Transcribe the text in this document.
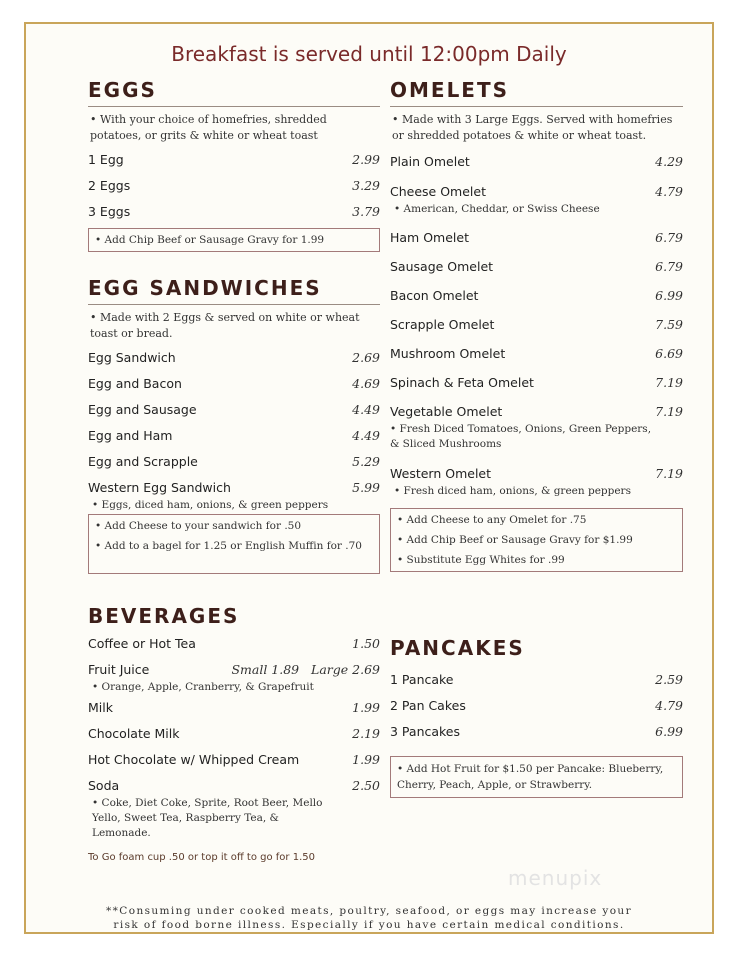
Breakfast is served until 12:00pm Daily
EGGS
• With your choice of homefries, shredded potatoes, or grits & white or wheat toast
1 Egg	2.99
2 Eggs	3.29
3 Eggs	3.79
• Add Chip Beef or Sausage Gravy for 1.99
EGG SANDWICHES
• Made with 2 Eggs & served on white or wheat toast or bread.
Egg Sandwich	2.69
Egg and Bacon	4.69
Egg and Sausage	4.49
Egg and Ham	4.49
Egg and Scrapple	5.29
Western Egg Sandwich	5.99
• Eggs, diced ham, onions, & green peppers
• Add Cheese to your sandwich for .50
• Add to a bagel for 1.25 or English Muffin for .70
BEVERAGES
Coffee or Hot Tea	1.50
Fruit Juice	Small 1.89   Large 2.69
• Orange, Apple, Cranberry, & Grapefruit
Milk	1.99
Chocolate Milk	2.19
Hot Chocolate w/ Whipped Cream	1.99
Soda	2.50
• Coke, Diet Coke, Sprite, Root Beer, Mello Yello, Sweet Tea, Raspberry Tea, & Lemonade.
To Go foam cup .50 or top it off to go for 1.50
OMELETS
• Made with 3 Large Eggs. Served with homefries or shredded potatoes & white or wheat toast.
Plain Omelet	4.29
Cheese Omelet	4.79
• American, Cheddar, or Swiss Cheese
Ham Omelet	6.79
Sausage Omelet	6.79
Bacon Omelet	6.99
Scrapple Omelet	7.59
Mushroom Omelet	6.69
Spinach & Feta Omelet	7.19
Vegetable Omelet	7.19
• Fresh Diced Tomatoes, Onions, Green Peppers, & Sliced Mushrooms
Western Omelet	7.19
• Fresh diced ham, onions, & green peppers
• Add Cheese to any Omelet for .75
• Add Chip Beef or Sausage Gravy for $1.99
• Substitute Egg Whites for .99
PANCAKES
1 Pancake	2.59
2 Pan Cakes	4.79
3 Pancakes	6.99
• Add Hot Fruit for $1.50 per Pancake: Blueberry, Cherry, Peach, Apple, or Strawberry.
menupix
**Consuming under cooked meats, poultry, seafood, or eggs may increase your
risk of food borne illness. Especially if you have certain medical conditions.
